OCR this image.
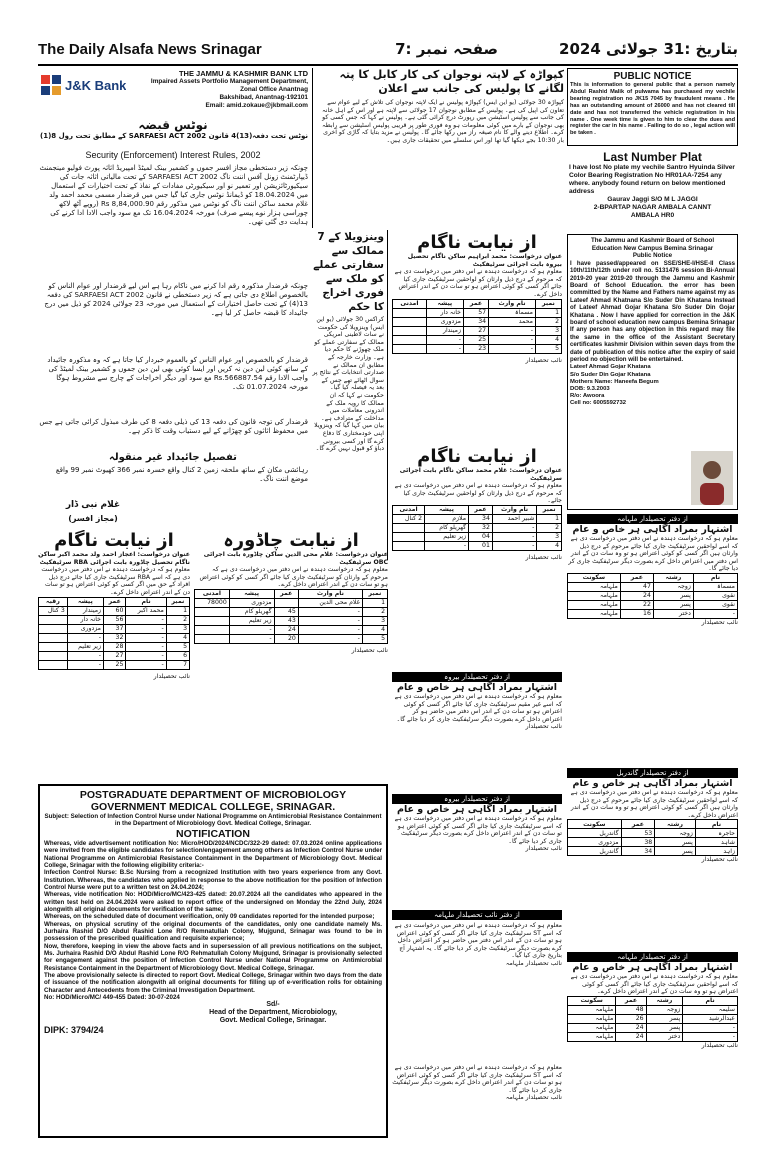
The Daily Alsafa News Srinagar	صفحہ نمبر :7	بتاریخ :31 جولائی 2024
J&K Bank
THE JAMMU & KASHMIR BANK LTD
Impaired Assets Portfolio Management Department,
Zonal Office Anantnag
Bakshibad, Anantnag-192101
Email: amid.zokaue@jkbmail.com
نوٹس قبضہ
نوٹس تحت دفعہ(13)4 قانون 2002 SARFAESI ACT کے مطابق تحت رول 8(1)
Security (Enforcement) Interest Rules, 2002
چونکہ زیر دستخطی مجاز افسر جموں و کشمیر بینک لمیٹڈ امپیریڈ اثاثہ پورٹ فولیو مینجمنٹ ڈیپارٹمنٹ زونل آفس اننت ناگ SARFAESI ACT 2002 کے تحت مالیاتی اثاثہ جات کی سیکیورٹائزیشن اور تعمیر نو اور سیکیورٹی مفادات کے نفاذ کے تحت اختیارات کے استعمال میں 18.04.2024 کو ڈیمانڈ نوٹس جاری کیا گیا جس میں قرضدار مسمی محمد احمد ولد غلام محمد ساکن اننت ناگ کو نوٹس میں مذکور رقم Rs 8,84,000.90 (روپے آٹھ لاکھ چوراسی ہزار نوے پیسے صرف) مورخہ 16.04.2024 تک مع سود واجب الادا ادا کرنے کی ہدایت دی گئی تھی۔
چونکہ قرضدار مذکورہ رقم ادا کرنے میں ناکام رہا ہے اس لیے قرضدار اور عوام الناس کو بالخصوص اطلاع دی جاتی ہے کہ زیر دستخطی نے قانون SARFAESI ACT 2002 کی دفعہ 13(4) کے تحت حاصل اختیارات کے استعمال میں مورخہ 23 جولائی 2024 کو ذیل میں درج جائیداد کا قبضہ حاصل کر لیا ہے۔
قرضدار کو بالخصوص اور عوام الناس کو بالعموم خبردار کیا جاتا ہے کہ وہ مذکورہ جائیداد کے ساتھ کوئی لین دین نہ کریں اور ایسا کوئی بھی لین دین جموں و کشمیر بینک لمیٹڈ کی واجب الادا رقم Rs.566887.54 مع سود اور دیگر اخراجات کے چارج سے مشروط ہوگا مورخہ 01.07.2024 تک۔
قرضدار کی توجہ قانون کی دفعہ 13 کی ذیلی دفعہ 8 کی طرف مبذول کرائی جاتی ہے جس میں محفوظ اثاثوں کو چھڑانے کے لیے دستیاب وقت کا ذکر ہے۔
تفصیل جائیداد غیر منقولہ
رہائشی مکان کے ساتھ ملحقہ زمین 2 کنال واقع خسرہ نمبر 366 کھیوٹ نمبر 99 واقع موضع اننت ناگ۔
غلام نبی ڈار
(مجاز افسر)
کپواڑہ کے لاپتہ نوجوان کی کار کابل کا پتہ لگانے کا پولیس کی جانب سے اعلان
کپواڑہ 30 جولائی (یو این ایس) کپواڑہ پولیس نے ایک لاپتہ نوجوان کی تلاش کے لیے عوام سے تعاون کی اپیل کی ہے۔ پولیس کے مطابق نوجوان 17 جولائی سے لاپتہ ہے اور اس کے اہل خانہ کی جانب سے پولیس اسٹیشن میں رپورٹ درج کرائی گئی ہے۔ پولیس نے کہا کہ جس کسی کو بھی نوجوان کے بارے میں کوئی معلومات ہو وہ فوری طور پر قریبی پولیس اسٹیشن سے رابطہ کرے۔ اطلاع دینے والے کا نام صیغہ راز میں رکھا جائے گا۔ پولیس نے مزید بتایا کہ گاڑی کو آخری بار 10:30 بجے دیکھا گیا تھا اور اس سلسلے میں تحقیقات جاری ہیں۔
PUBLIC NOTICE
This is information to general public that a person namely Abdul Rashid Malik of pulwama has purchased my vechile bearing registration no JK15 7045 by fraudulent means . He has an outstanding amount of 26000 and has not cleared till date and has not transferred the vehicle registration in his name . One week time is given to him to clear the dues and register the car in his name . Failing to do so , legal action will be taken .
Last Number Plat
I have lost No plate my vechile Santro Hyuinda Silver Color Bearing Registration No HR01AA-7254 any where. anybody found return on below mentioned address
Gaurav Jaggi S/O M L JAGGI
2-BPARTAP NAGAR AMBALA CANNT
AMBALA HR0
The Jammu and Kashmir Board of School
Education New Campus Bemina Srinagar
Public Notice
I have passed/appeared on SSE/SHE-I/HSE-II Class 10th/11th/12th under roll no. 5131476 session Bi-Annual 2019-20 year 2019-20 through the Jammu and Kashmir Board of School Education. the error has been committed by the Name and Fathers name against my as Lateef Ahmad Khatnana S/o Suder Din Khatana Instead of Lateef Ahmad Gojar Khatana S/o Suder Din Gojar Khatana . Now I have applied for correction in the J&K board of school education new campus Bemina Srinagar If any person has any objection in this regard may file the same in the office of the Assistant Secretary certificates kashmir Division within seven days from the date of publication of this notice after the expiry of said period no objection will be entertained.
Lateef Ahmad Gojar Khatana
S/o Suder Din Gojar Khatana
Mothers Name: Haneefa Begum
DOB: 9.3.2003
R/o: Awoora
Cell no: 6005592732
وینزویلا کے 7 ممالک سے سفارتی عملے کو ملک سے فوری اخراج کا حکم
کراکس 30 جولائی (یو این ایس) وینزویلا کی حکومت نے سات لاطینی امریکی ممالک کے سفارتی عملے کو ملک چھوڑنے کا حکم دیا ہے۔ وزارت خارجہ کے مطابق ان ممالک نے صدارتی انتخابات کے نتائج پر سوال اٹھائے تھے جس کے بعد یہ فیصلہ کیا گیا۔ حکومت نے کہا کہ ان ممالک کا رویہ ملک کے اندرونی معاملات میں مداخلت کے مترادف ہے۔ بیان میں کہا گیا کہ وینزویلا اپنی خودمختاری کا دفاع کرے گا اور کسی بیرونی دباؤ کو قبول نہیں کرے گا۔
از نیابت ناگام
عنوان درخواست: محمد ابراہیم ساکن ناگام تحصیل بیروہ بابت اجرائی سرٹیفکیٹ
معلوم ہو کہ درخواست دہندہ نے اس دفتر میں درخواست دی ہے کہ مرحوم کے درج ذیل وارثان کو لواحقین سرٹیفکیٹ جاری کیا جائے اگر کسی کو کوئی اعتراض ہو تو سات دن کے اندر اعتراض داخل کرے۔
نمبر	نام وارث	عمر	پیشہ	آمدنی
1	مسماۃ	57	خانہ دار	
2	محمد	34	مزدوری	
3	-	27	زمیندار	
4	-	25	-	
5	-	23	-	
نائب تحصیلدار
از نیابت ناگام
عنوان درخواست: غلام محمد ساکن ناگام بابت اجرائی سرٹیفکیٹ
معلوم ہو کہ درخواست دہندہ نے اس دفتر میں درخواست دی ہے کہ مرحوم کے درج ذیل وارثان کو لواحقین سرٹیفکیٹ جاری کیا جائے۔
نمبر	نام وارث	عمر	پیشہ	آمدنی
1	شبیر احمد	34	ملازم	2 کنال
2	-	32	گھریلو کام	
3	-	04	زیر تعلیم	
4	-	01	-	
نائب تحصیلدار
از نیابت ناگام
عنوان درخواست: اعجاز احمد ولد محمد اکبر ساکن ناگام تحصیل چاڈورہ بابت اجرائی RBA سرٹیفکیٹ
معلوم ہو کہ درخواست دہندہ نے اس دفتر میں درخواست دی ہے کہ اسے RBA سرٹیفکیٹ جاری کیا جائے درج ذیل افراد کے حق میں اگر کسی کو کوئی اعتراض ہو تو سات دن کے اندر اعتراض داخل کرے۔
نمبر	نام	عمر	پیشہ	رقبہ
1	محمد اکبر	60	زمیندار	3 کنال
2	-	56	خانہ دار	
3	-	37	مزدوری	
4	-	32	-	
5	-	28	زیر تعلیم	
6	-	27	-	
7	-	25	-	
نائب تحصیلدار
از نیابت چاڈورہ
عنوان درخواست: غلام محی الدین ساکن چاڈورہ بابت اجرائی OBC سرٹیفکیٹ
معلوم ہو کہ درخواست دہندہ نے اس دفتر میں درخواست دی ہے کہ مرحوم کے وارثان کو سرٹیفکیٹ جاری کیا جائے اگر کسی کو کوئی اعتراض ہو تو سات دن کے اندر اعتراض داخل کرے۔
نمبر	نام وارث	عمر	پیشہ	آمدنی
1	غلام محی الدین		مزدوری	78000
2	-	45	گھریلو کام	
3	-	43	زیر تعلیم	
4	-	24	-	
5	-	20	-	
نائب تحصیلدار
از دفتر تحصیلدار بیروہ
اشتہار بمراد آگاہی ہر خاص و عام
معلوم ہو کہ درخواست دہندہ نے اس دفتر میں درخواست دی ہے کہ اسے غیر مقیم سرٹیفکیٹ جاری کیا جائے اگر کسی کو کوئی اعتراض ہو تو سات دن کے اندر اس دفتر میں حاضر ہو کر اعتراض داخل کرے بصورت دیگر سرٹیفکیٹ جاری کر دیا جائے گا۔
نائب تحصیلدار
از دفتر تحصیلدار بیروہ
اشتہار بمراد آگاہی ہر خاص و عام
معلوم ہو کہ درخواست دہندہ نے اس دفتر میں درخواست دی ہے کہ اسے سرٹیفکیٹ جاری کیا جائے اگر کسی کو کوئی اعتراض ہو تو سات دن کے اندر اعتراض داخل کرے بصورت دیگر سرٹیفکیٹ جاری کر دیا جائے گا۔
نائب تحصیلدار
از دفتر نائب تحصیلدار ملہامہ
معلوم ہو کہ درخواست دہندہ نے اس دفتر میں درخواست دی ہے کہ اسے ST سرٹیفکیٹ جاری کیا جائے اگر کسی کو کوئی اعتراض ہو تو سات دن کے اندر اس دفتر میں حاضر ہو کر اعتراض داخل کرے بصورت دیگر سرٹیفکیٹ جاری کر دیا جائے گا۔ یہ اشتہار آج بتاریخ جاری کیا گیا۔
نائب تحصیلدار ملہامہ
از دفتر تحصیلدار ملہامہ
اشتہار بمراد آگاہی ہر خاص و عام
معلوم ہو کہ درخواست دہندہ نے اس دفتر میں درخواست دی ہے کہ اسے لواحقین سرٹیفکیٹ جاری کیا جائے مرحوم کے درج ذیل وارثان ہیں اگر کسی کو کوئی اعتراض ہو تو وہ سات دن کے اندر اس دفتر میں اعتراض داخل کرے بصورت دیگر سرٹیفکیٹ جاری کر دیا جائے گا۔
نام	رشتہ	عمر	سکونت
مسماۃ	زوجہ	47	ملہامہ
نقوی	پسر	24	ملہامہ
نقوی	پسر	22	ملہامہ
-	دختر	16	ملہامہ
نائب تحصیلدار
از دفتر تحصیلدار گاندربل
اشتہار بمراد آگاہی ہر خاص و عام
معلوم ہو کہ درخواست دہندہ نے اس دفتر میں درخواست دی ہے کہ اسے لواحقین سرٹیفکیٹ جاری کیا جائے مرحوم کے درج ذیل وارثان ہیں اگر کسی کو کوئی اعتراض ہو تو وہ سات دن کے اندر اعتراض داخل کرے۔
نام	رشتہ	عمر	سکونت
حاجرہ	زوجہ	53	گاندربل
شاہد	پسر	38	مزدوری
زاہد	پسر	34	گاندربل
نائب تحصیلدار
از دفتر تحصیلدار ملہامہ
اشتہار بمراد آگاہی ہر خاص و عام
معلوم ہو کہ درخواست دہندہ نے اس دفتر میں درخواست دی ہے کہ اسے لواحقین سرٹیفکیٹ جاری کیا جائے اگر کسی کو کوئی اعتراض ہو تو وہ سات دن کے اندر اعتراض داخل کرے۔
نام	رشتہ	عمر	سکونت
سلیمہ	زوجہ	48	ملہامہ
عبدالرشید	پسر	26	ملہامہ
-	پسر	24	ملہامہ
-	دختر	24	ملہامہ
نائب تحصیلدار
POSTGRADUATE DEPARTMENT OF MICROBIOLOGY
GOVERNMENT MEDICAL COLLEGE, SRINAGAR.
Subject: Selection of Infection Control Nurse under National Programme on Antimicrobial Resistance Containment in the Department of Microbiology Govt. Medical College, Srinagar.
NOTIFICATION
Whereas, vide advertisement notification No: Micro/HOD/2024/NCDC/322-29 dated: 07.03.2024 online applications were invited from the eligible candidates for selection/engagement among others as Infection Control Nurse under National Programme on Antimicrobial Resistance Containment in the Department of Microbiology Govt. Medical College, Srinagar with the following eligibility criteria:-
Infection Control Nurse: B.Sc Nursing from a recognized Institution with two years experience from any Govt. Institution. Whereas, the candidates who applied in response to the above notification for the position of Infection Control Nurse were put to a written test on 24.04.2024;
Whereas, vide notification No: HOD/Micro/MC/423-425 dated: 20.07.2024 all the candidates who appeared in the written test held on 24.04.2024 were asked to report office of the undersigned on Monday the 22nd July, 2024 alongwith all original documents for verification of the same;
Whereas, on the scheduled date of document verification, only 09 candidates reported for the intended purpose;
Whereas, on physical scrutiny of the original documents of the candidates, only one candidate namely Ms. Jurhaira Rashid D/O Abdul Rashid Lone R/O Remnatullah Colony, Mujgund, Srinagar was found to be in possession of the prescribed qualification and requisite experience;
Now, therefore, keeping in view the above facts and in supersession of all previous notifications on the subject, Ms. Jurhaira Rashid D/O Abdul Rashid Lone R/O Rehmatullah Colony Mujgund, Srinagar is provisionally selected for engagement against the position of Infection Control Nurse under National Programme on Antimicrobial Resistance Containment in the Department of Microbiology Govt. Medical College, Srinagar.
The above provisionally selecte is directed to report Govt. Medical College, Srinagar within two days from the date of issuance of the notification alongwith all original documents for filling up of e-verification rolls for obtaining Character and Antecedents from the Criminal Investigation Department.
No: HOD/Micro/MC/ 449-455 Dated: 30-07-2024
Sd/-
Head of the Department, Microbiology,
Govt. Medical College, Srinagar.
DIPK: 3794/24
معلوم ہو کہ درخواست دہندہ نے اس دفتر میں درخواست دی ہے کہ اسے ST سرٹیفکیٹ جاری کیا جائے اگر کسی کو کوئی اعتراض ہو تو سات دن کے اندر اعتراض داخل کرے بصورت دیگر سرٹیفکیٹ جاری کر دیا جائے گا۔
نائب تحصیلدار ملہامہ
